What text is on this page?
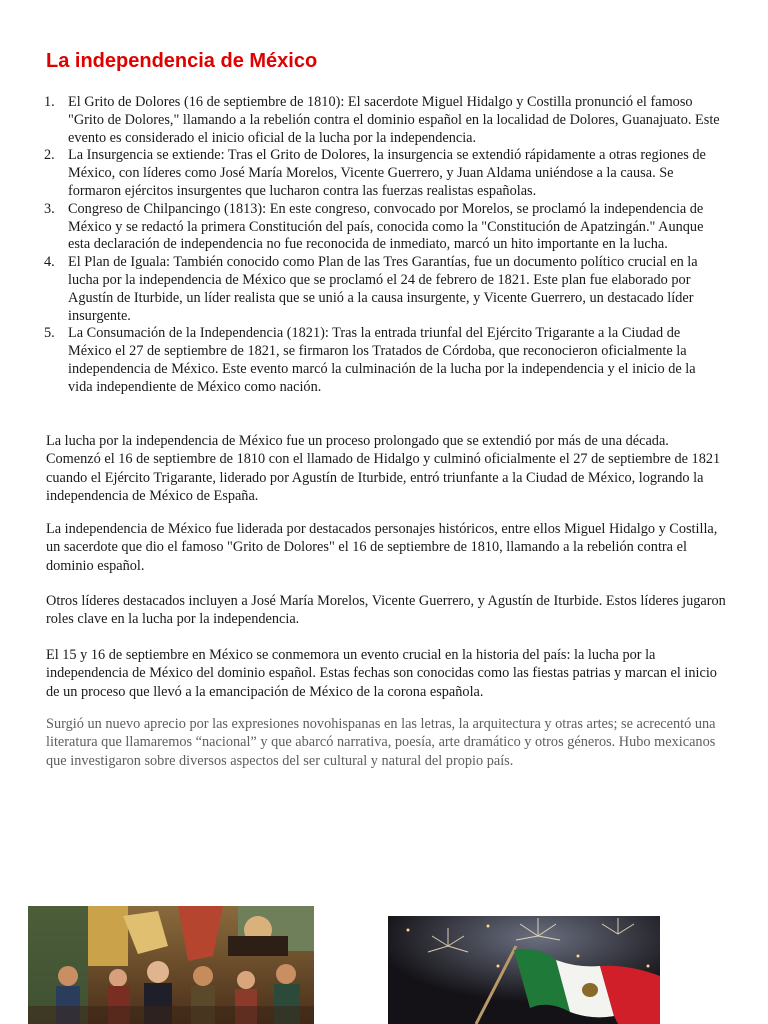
La independencia de México
1. El Grito de Dolores (16 de septiembre de 1810): El sacerdote Miguel Hidalgo y Costilla pronunció el famoso "Grito de Dolores," llamando a la rebelión contra el dominio español en la localidad de Dolores, Guanajuato. Este evento es considerado el inicio oficial de la lucha por la independencia.
2. La Insurgencia se extiende: Tras el Grito de Dolores, la insurgencia se extendió rápidamente a otras regiones de México, con líderes como José María Morelos, Vicente Guerrero, y Juan Aldama uniéndose a la causa. Se formaron ejércitos insurgentes que lucharon contra las fuerzas realistas españolas.
3. Congreso de Chilpancingo (1813): En este congreso, convocado por Morelos, se proclamó la independencia de México y se redactó la primera Constitución del país, conocida como la "Constitución de Apatzingán." Aunque esta declaración de independencia no fue reconocida de inmediato, marcó un hito importante en la lucha.
4. El Plan de Iguala: También conocido como Plan de las Tres Garantías, fue un documento político crucial en la lucha por la independencia de México que se proclamó el 24 de febrero de 1821. Este plan fue elaborado por Agustín de Iturbide, un líder realista que se unió a la causa insurgente, y Vicente Guerrero, un destacado líder insurgente.
5. La Consumación de la Independencia (1821): Tras la entrada triunfal del Ejército Trigarante a la Ciudad de México el 27 de septiembre de 1821, se firmaron los Tratados de Córdoba, que reconocieron oficialmente la independencia de México. Este evento marcó la culminación de la lucha por la independencia y el inicio de la vida independiente de México como nación.

La lucha por la independencia de México fue un proceso prolongado que se extendió por más de una década. Comenzó el 16 de septiembre de 1810 con el llamado de Hidalgo y culminó oficialmente el 27 de septiembre de 1821 cuando el Ejército Trigarante, liderado por Agustín de Iturbide, entró triunfante a la Ciudad de México, logrando la independencia de México de España.

La independencia de México fue liderada por destacados personajes históricos, entre ellos Miguel Hidalgo y Costilla, un sacerdote que dio el famoso "Grito de Dolores" el 16 de septiembre de 1810, llamando a la rebelión contra el dominio español.

Otros líderes destacados incluyen a José María Morelos, Vicente Guerrero, y Agustín de Iturbide. Estos líderes jugaron roles clave en la lucha por la independencia.

El 15 y 16 de septiembre en México se conmemora un evento crucial en la historia del país: la lucha por la independencia de México del dominio español. Estas fechas son conocidas como las fiestas patrias y marcan el inicio de un proceso que llevó a la emancipación de México de la corona española.

Surgió un nuevo aprecio por las expresiones novohispanas en las letras, la arquitectura y otras artes; se acrecentó una literatura que llamaremos “nacional” y que abarcó narrativa, poesía, arte dramático y otros géneros. Hubo mexicanos que investigaron sobre diversos aspectos del ser cultural y natural del propio país.
